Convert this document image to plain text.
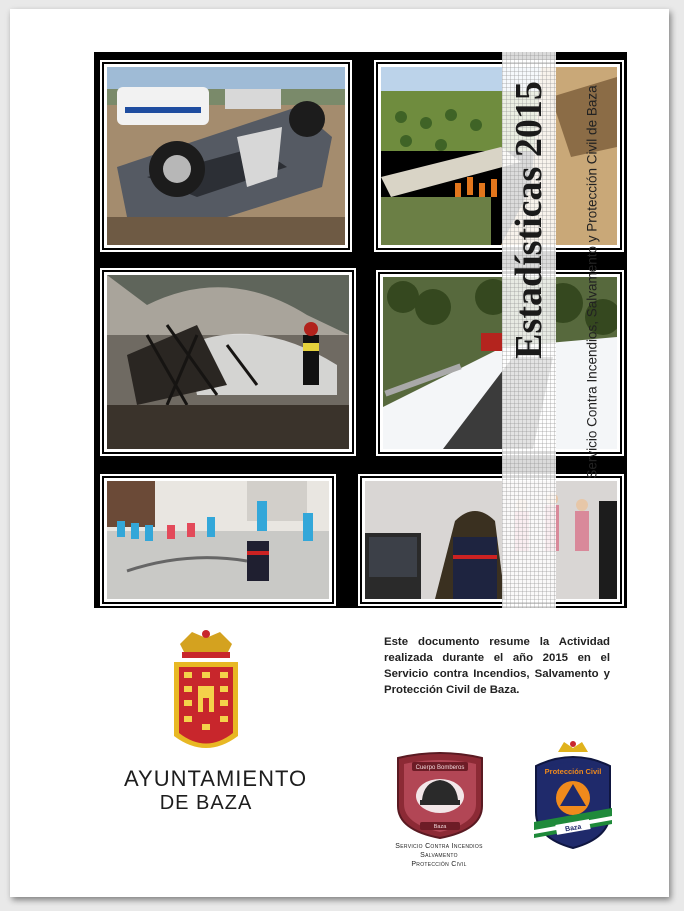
Estadísticas 2015	Servicio Contra Incendios, Salvamento y Protección Civil de Baza
AYUNTAMIENTO
DE BAZA
Este documento resume la Actividad realizada durante el año 2015 en el Servicio contra Incendios, Salvamento y Protección Civil de Baza.
Cuerpo Bomberos
Baza
Servicio Contra Incendios
Salvamento
Protección Civil
Protección Civil
Baza
